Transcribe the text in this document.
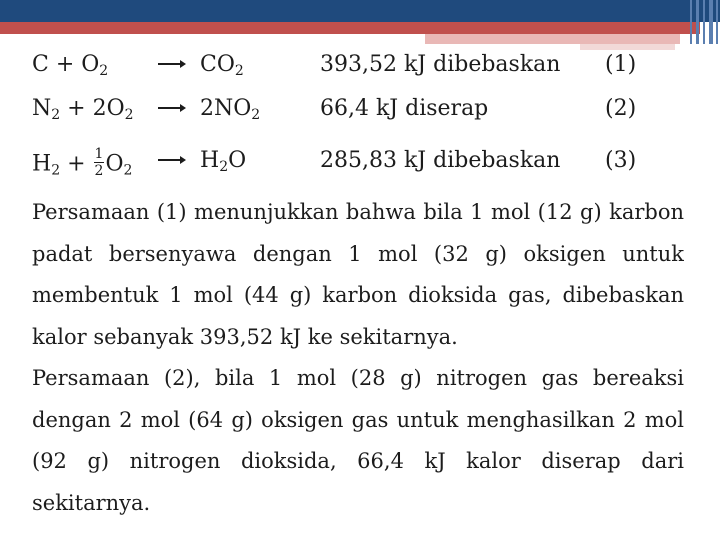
$C + O_2 \to CO_2$	393,52 kJ dibebaskan (1)
$N_2 + 2O_2 \to 2NO_2$	66,4 kJ diserap	(2)
$H_2 + \frac{1}{2} O_2 \to H_2O$	285,83 kJ dibebaskan (3)
Persamaan (1) menunjukkan bahwa bila 1 mol (12 g) karbon
padat bersenyawa dengan 1 mol (32 g) oksigen untuk
membentuk 1 mol (44 g) karbon dioksida gas, dibebaskan
kalor sebanyak 393,52 kJ ke sekitarnya.
Persamaan (2), bila 1 mol (28 g) nitrogen gas bereaksi
dengan 2 mol (64 g) oksigen gas untuk menghasilkan 2 mol
(92 g) nitrogen dioksida, 66,4 kJ kalor diserap dari
sekitarnya.
